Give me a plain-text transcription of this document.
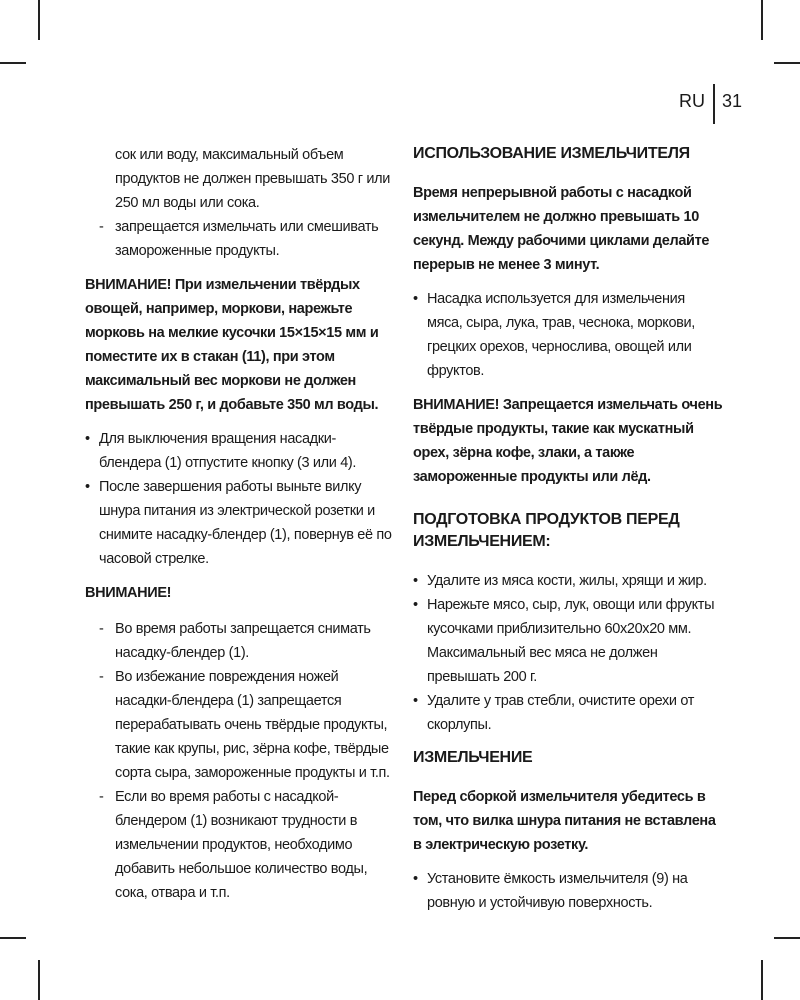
RU 31

сок или воду, максимальный объем продуктов не должен превышать 350 г или 250 мл воды или сока.

- запрещается измельчать или смешивать замороженные продукты.

ВНИМАНИЕ! При измельчении твёрдых овощей, например, моркови, нарежьте морковь на мелкие кусочки 15×15×15 мм и поместите их в стакан (11), при этом максимальный вес моркови не должен превышать 250 г, и добавьте 350 мл воды.

• Для выключения вращения насадки-блендера (1) отпустите кнопку (3 или 4).
• После завершения работы выньте вилку шнура питания из электрической розетки и снимите насадку-блендер (1), повернув её по часовой стрелке.

ВНИМАНИЕ!

- Во время работы запрещается снимать насадку-блендер (1).
- Во избежание повреждения ножей насадки-блендера (1) запрещается перерабатывать очень твёрдые продукты, такие как крупы, рис, зёрна кофе, твёрдые сорта сыра, замороженные продукты и т.п.
- Если во время работы с насадкой-блендером (1) возникают трудности в измельчении продуктов, необходимо добавить небольшое количество воды, сока, отвара и т.п.
ИСПОЛЬЗОВАНИЕ ИЗМЕЛЬЧИТЕЛЯ

Время непрерывной работы с насадкой измельчителем не должно превышать 10 секунд. Между рабочими циклами делайте перерыв не менее 3 минут.

• Насадка используется для измельчения мяса, сыра, лука, трав, чеснока, моркови, грецких орехов, чернослива, овощей или фруктов.

ВНИМАНИЕ! Запрещается измельчать очень твёрдые продукты, такие как мускатный орех, зёрна кофе, злаки, а также замороженные продукты или лёд.

ПОДГОТОВКА ПРОДУКТОВ ПЕРЕД ИЗМЕЛЬЧЕНИЕМ:
• Удалите из мяса кости, жилы, хрящи и жир.
• Нарежьте мясо, сыр, лук, овощи или фрукты кусочками приблизительно 60х20х20 мм. Максимальный вес мяса не должен превышать 200 г.
• Удалите у трав стебли, очистите орехи от скорлупы.
ИЗМЕЛЬЧЕНИЕ

Перед сборкой измельчителя убедитесь в том, что вилка шнура питания не вставлена в электрическую розетку.

• Установите ёмкость измельчителя (9) на ровную и устойчивую поверхность.
